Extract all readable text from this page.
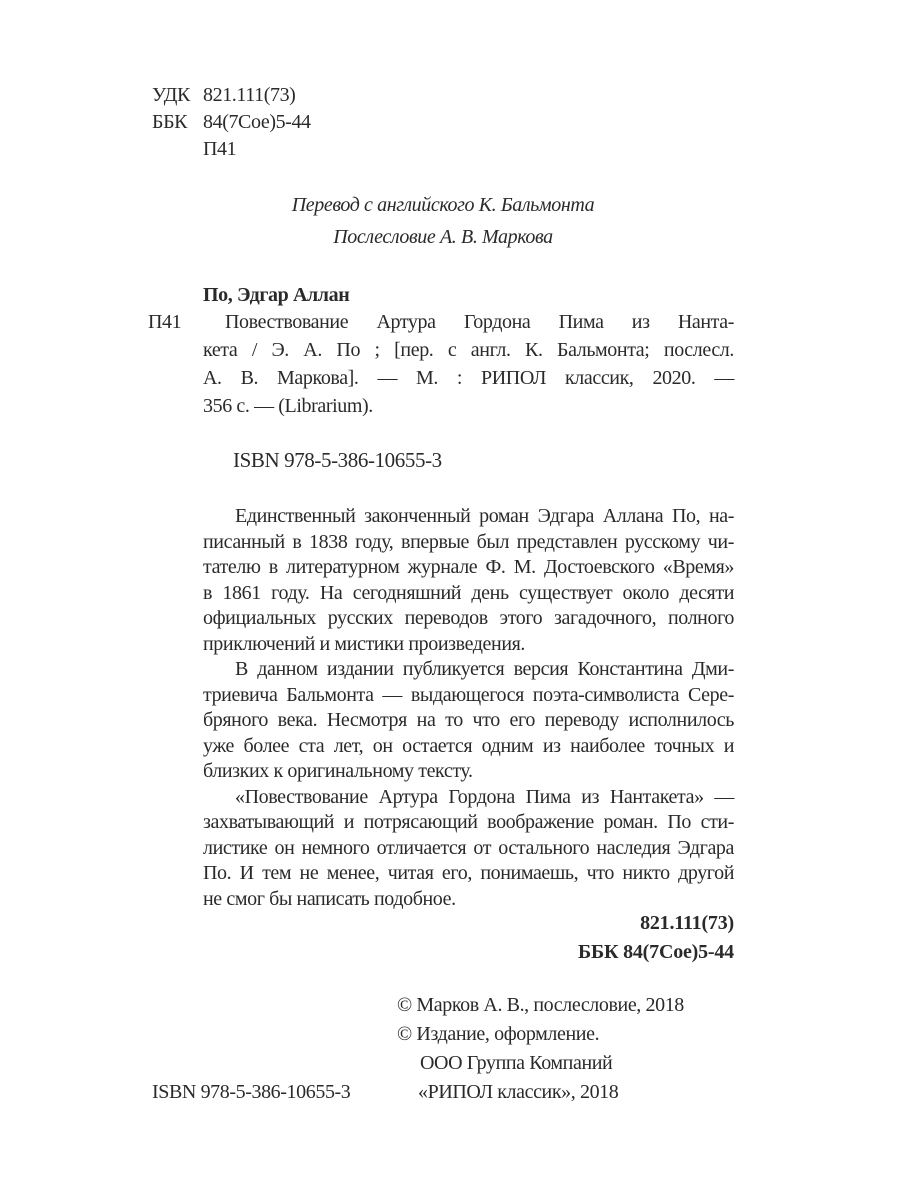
УДК 821.111(73)
ББК 84(7Сое)5-44
П41
Перевод с английского К. Бальмонта
Послесловие А. В. Маркова
По, Эдгар Аллан
П41	Повествование Артура Гордона Пима из Нанта-
кета / Э. А. По ; [пер. с англ. К. Бальмонта; послесл.
А. В. Маркова]. — М. : РИПОЛ классик, 2020. —
356 с. — (Librarium).
ISBN 978-5-386-10655-3
Единственный законченный роман Эдгара Аллана По, на-
писанный в 1838 году, впервые был представлен русскому чи-
тателю в литературном журнале Ф. М. Достоевского «Время»
в 1861 году. На сегодняшний день существует около десяти
официальных русских переводов этого загадочного, полного
приключений и мистики произведения.
В данном издании публикуется версия Константина Дми-
триевича Бальмонта — выдающегося поэта-символиста Сере-
бряного века. Несмотря на то что его переводу исполнилось
уже более ста лет, он остается одним из наиболее точных и
близких к оригинальному тексту.
«Повествование Артура Гордона Пима из Нантакета» —
захватывающий и потрясающий воображение роман. По сти-
листике он немного отличается от остального наследия Эдгара
По. И тем не менее, читая его, понимаешь, что никто другой
не смог бы написать подобное.
821.111(73)
ББК 84(7Сое)5-44
© Марков А. В., послесловие, 2018
© Издание, оформление.
ООО Группа Компаний
«РИПОЛ классик», 2018
ISBN 978-5-386-10655-3
